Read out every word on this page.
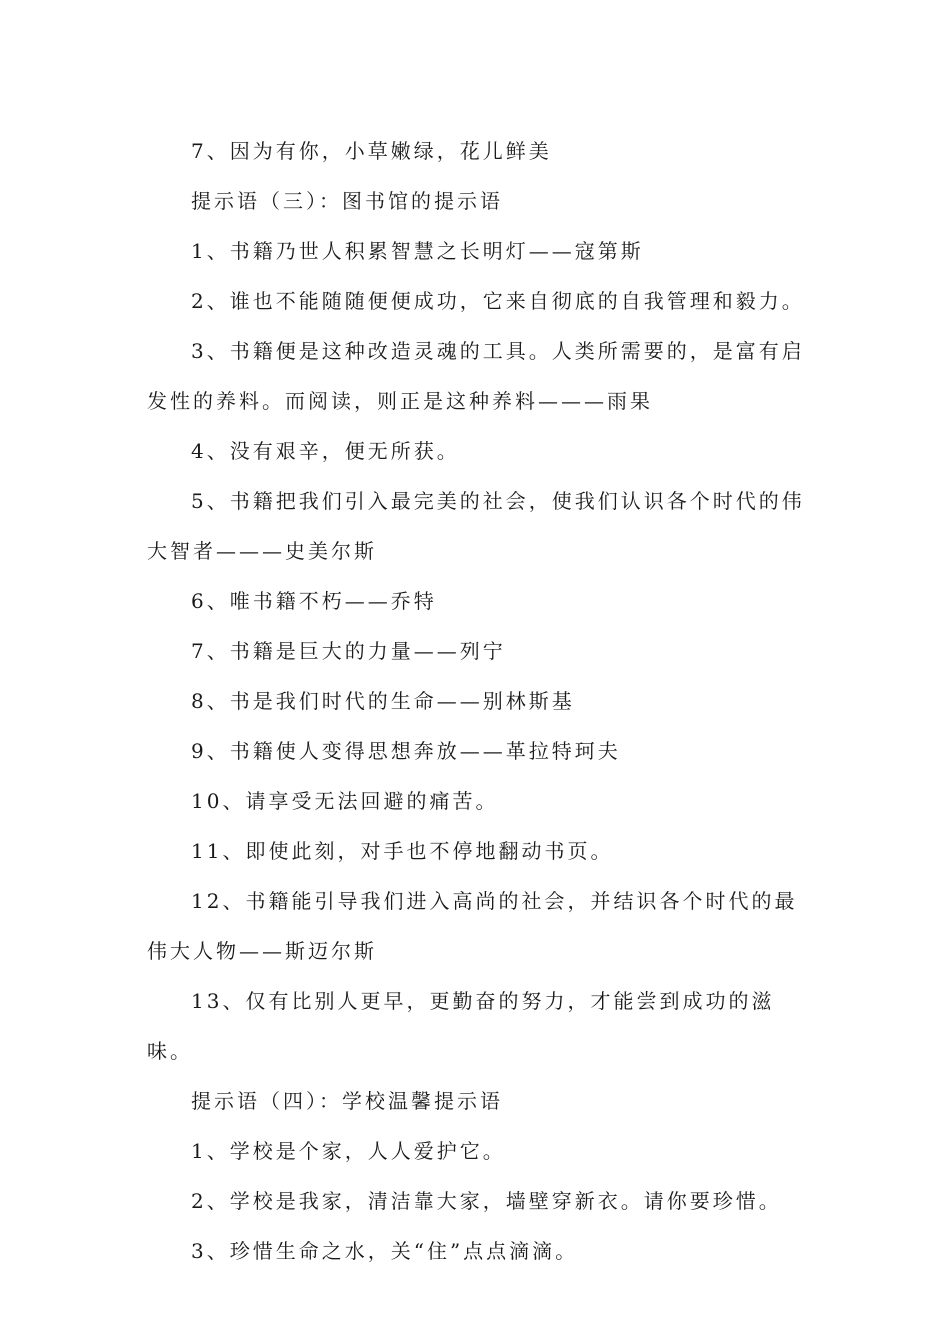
7、因为有你，小草嫩绿，花儿鲜美

提示语（三）：图书馆的提示语

1、书籍乃世人积累智慧之长明灯——寇第斯

2、谁也不能随随便便成功，它来自彻底的自我管理和毅力。

3、书籍便是这种改造灵魂的工具。人类所需要的，是富有启发性的养料。而阅读，则正是这种养料———雨果

4、没有艰辛，便无所获。

5、书籍把我们引入最完美的社会，使我们认识各个时代的伟大智者———史美尔斯

6、唯书籍不朽——乔特

7、书籍是巨大的力量——列宁

8、书是我们时代的生命——别林斯基

9、书籍使人变得思想奔放——革拉特珂夫

10、请享受无法回避的痛苦。

11、即使此刻，对手也不停地翻动书页。

12、书籍能引导我们进入高尚的社会，并结识各个时代的最伟大人物——斯迈尔斯

13、仅有比别人更早，更勤奋的努力，才能尝到成功的滋味。

提示语（四）：学校温馨提示语

1、学校是个家，人人爱护它。

2、学校是我家，清洁靠大家，墙壁穿新衣。请你要珍惜。

3、珍惜生命之水，关“住”点点滴滴。
